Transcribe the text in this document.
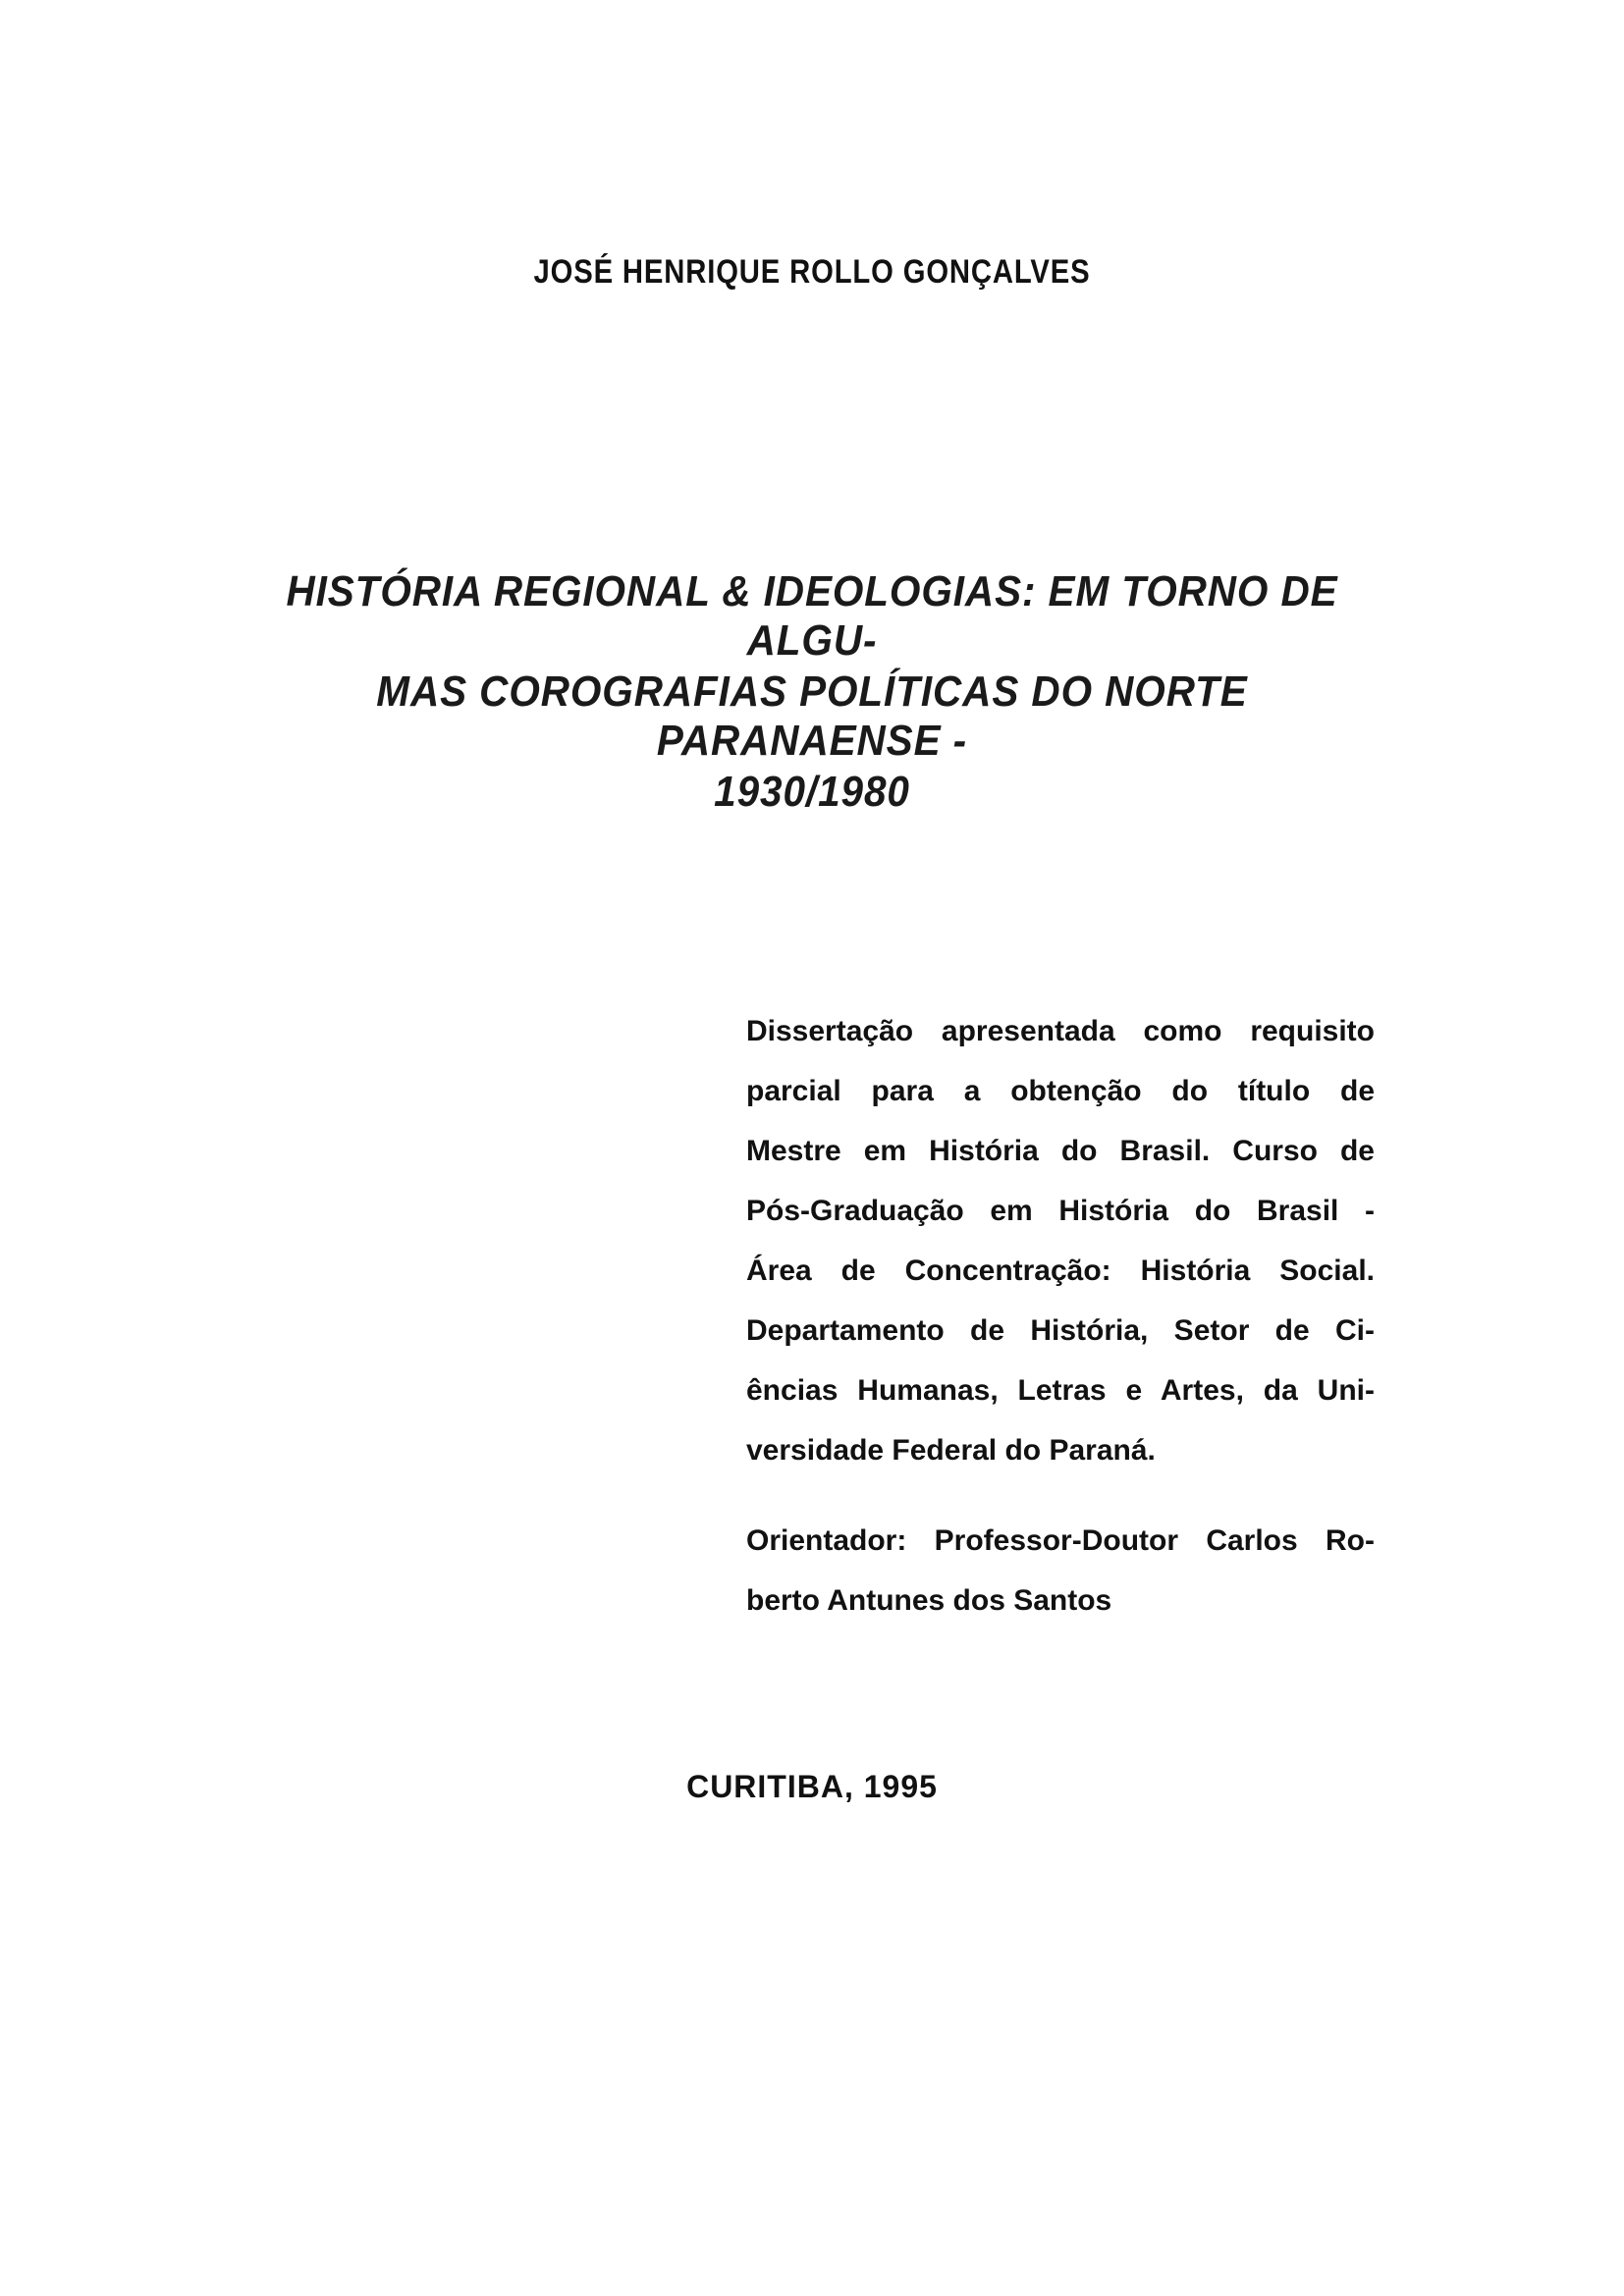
JOSÉ HENRIQUE ROLLO GONÇALVES
HISTÓRIA REGIONAL & IDEOLOGIAS: EM TORNO DE ALGU-
MAS COROGRAFIAS POLÍTICAS DO NORTE PARANAENSE -
1930/1980
Dissertação apresentada como requisito
parcial para a obtenção do título de
Mestre em História do Brasil. Curso de
Pós-Graduação em História do Brasil -
Área de Concentração: História Social.
Departamento de História, Setor de Ci-
ências Humanas, Letras e Artes, da Uni-
versidade Federal do Paraná.
Orientador: Professor-Doutor Carlos Ro-
berto Antunes dos Santos
CURITIBA, 1995
